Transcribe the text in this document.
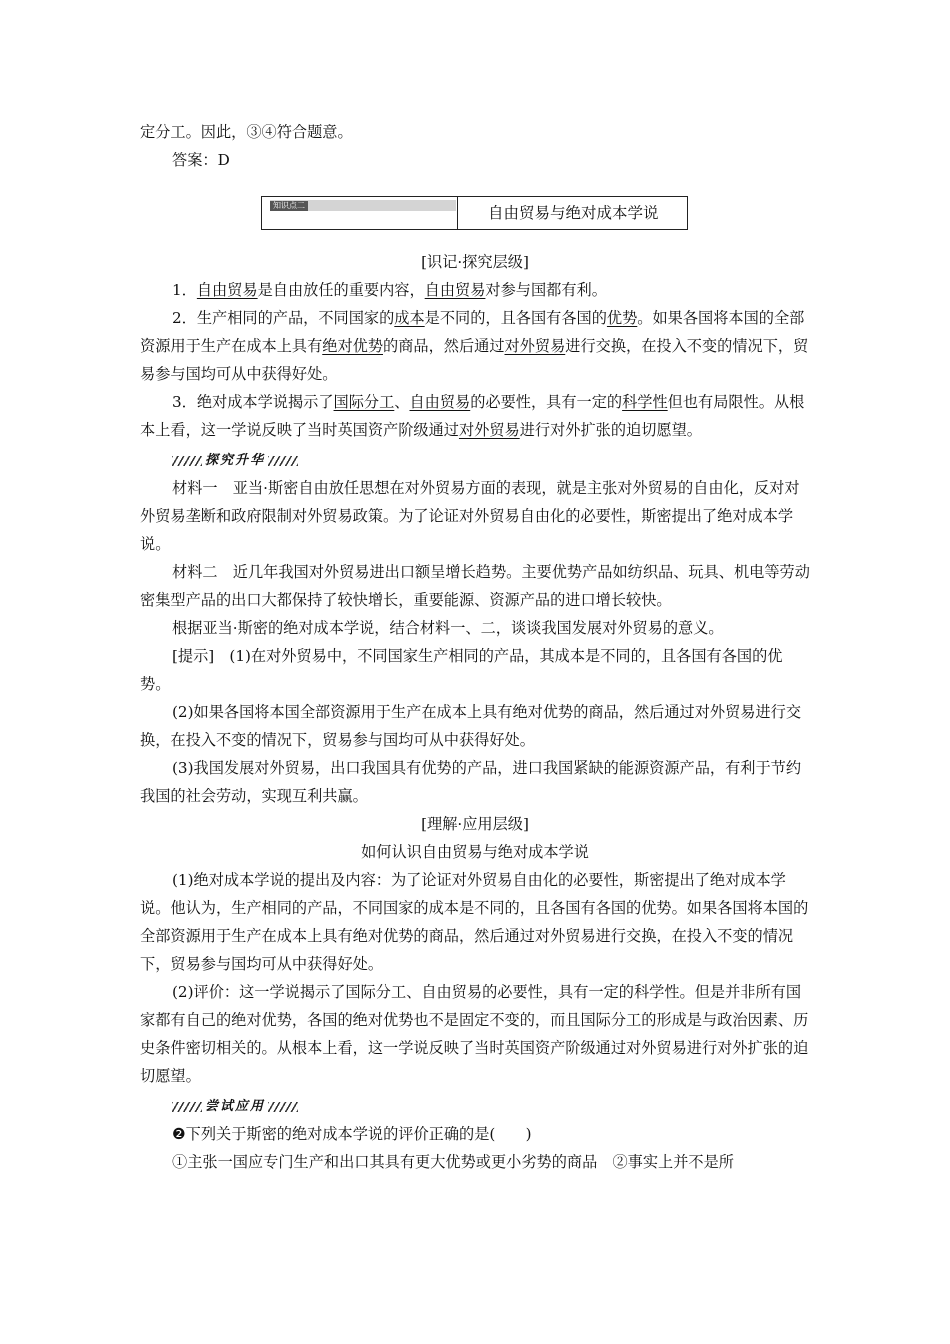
定分工。因此，③④符合题意。

答案：D

知识点二	自由贸易与绝对成本学说

[识记·探究层级]

1．自由贸易是自由放任的重要内容，自由贸易对参与国都有利。

2．生产相同的产品，不同国家的成本是不同的，且各国有各国的优势。如果各国将本国的全部资源用于生产在成本上具有绝对优势的商品，然后通过对外贸易进行交换，在投入不变的情况下，贸易参与国均可从中获得好处。

3．绝对成本学说揭示了国际分工、自由贸易的必要性，具有一定的科学性但也有局限性。从根本上看，这一学说反映了当时英国资产阶级通过对外贸易进行对外扩张的迫切愿望。

探究升华

材料一　亚当·斯密自由放任思想在对外贸易方面的表现，就是主张对外贸易的自由化，反对对外贸易垄断和政府限制对外贸易政策。为了论证对外贸易自由化的必要性，斯密提出了绝对成本学说。

材料二　近几年我国对外贸易进出口额呈增长趋势。主要优势产品如纺织品、玩具、机电等劳动密集型产品的出口大都保持了较快增长，重要能源、资源产品的进口增长较快。

根据亚当·斯密的绝对成本学说，结合材料一、二，谈谈我国发展对外贸易的意义。

[提示]　(1)在对外贸易中，不同国家生产相同的产品，其成本是不同的，且各国有各国的优势。

(2)如果各国将本国全部资源用于生产在成本上具有绝对优势的商品，然后通过对外贸易进行交换，在投入不变的情况下，贸易参与国均可从中获得好处。

(3)我国发展对外贸易，出口我国具有优势的产品，进口我国紧缺的能源资源产品，有利于节约我国的社会劳动，实现互利共赢。

[理解·应用层级]

如何认识自由贸易与绝对成本学说

(1)绝对成本学说的提出及内容：为了论证对外贸易自由化的必要性，斯密提出了绝对成本学说。他认为，生产相同的产品，不同国家的成本是不同的，且各国有各国的优势。如果各国将本国的全部资源用于生产在成本上具有绝对优势的商品，然后通过对外贸易进行交换，在投入不变的情况下，贸易参与国均可从中获得好处。

(2)评价：这一学说揭示了国际分工、自由贸易的必要性，具有一定的科学性。但是并非所有国家都有自己的绝对优势，各国的绝对优势也不是固定不变的，而且国际分工的形成是与政治因素、历史条件密切相关的。从根本上看，这一学说反映了当时英国资产阶级通过对外贸易进行对外扩张的迫切愿望。

尝试应用

❷下列关于斯密的绝对成本学说的评价正确的是(　　)

①主张一国应专门生产和出口其具有更大优势或更小劣势的商品　②事实上并不是所
